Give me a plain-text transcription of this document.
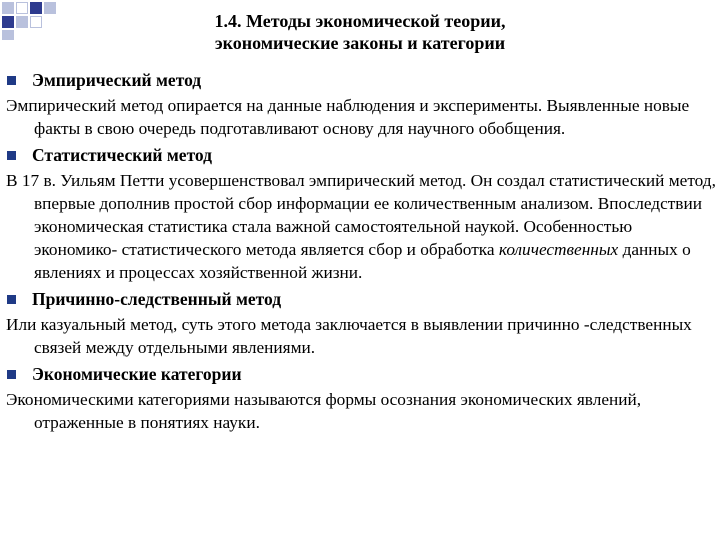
1.4. Методы экономической теории,
экономические законы и категории
Эмпирический метод
Эмпирический метод опирается на данные наблюдения и эксперименты. Выявленные новые факты в свою очередь подготавливают основу для научного обобщения.
Статистический метод
В 17 в. Уильям Петти усовершенствовал эмпирический метод. Он создал статистический метод, впервые дополнив простой сбор информации ее количественным анализом. Впоследствии экономическая статистика стала важной самостоятельной наукой. Особенностью экономико- статистического метода является сбор и обработка количественных данных о явлениях и процессах хозяйственной жизни.
Причинно-следственный метод
Или казуальный метод, суть этого метода заключается в выявлении причинно -следственных связей между отдельными явлениями.
Экономические категории
Экономическими категориями называются формы осознания экономических явлений, отраженные в понятиях науки.
